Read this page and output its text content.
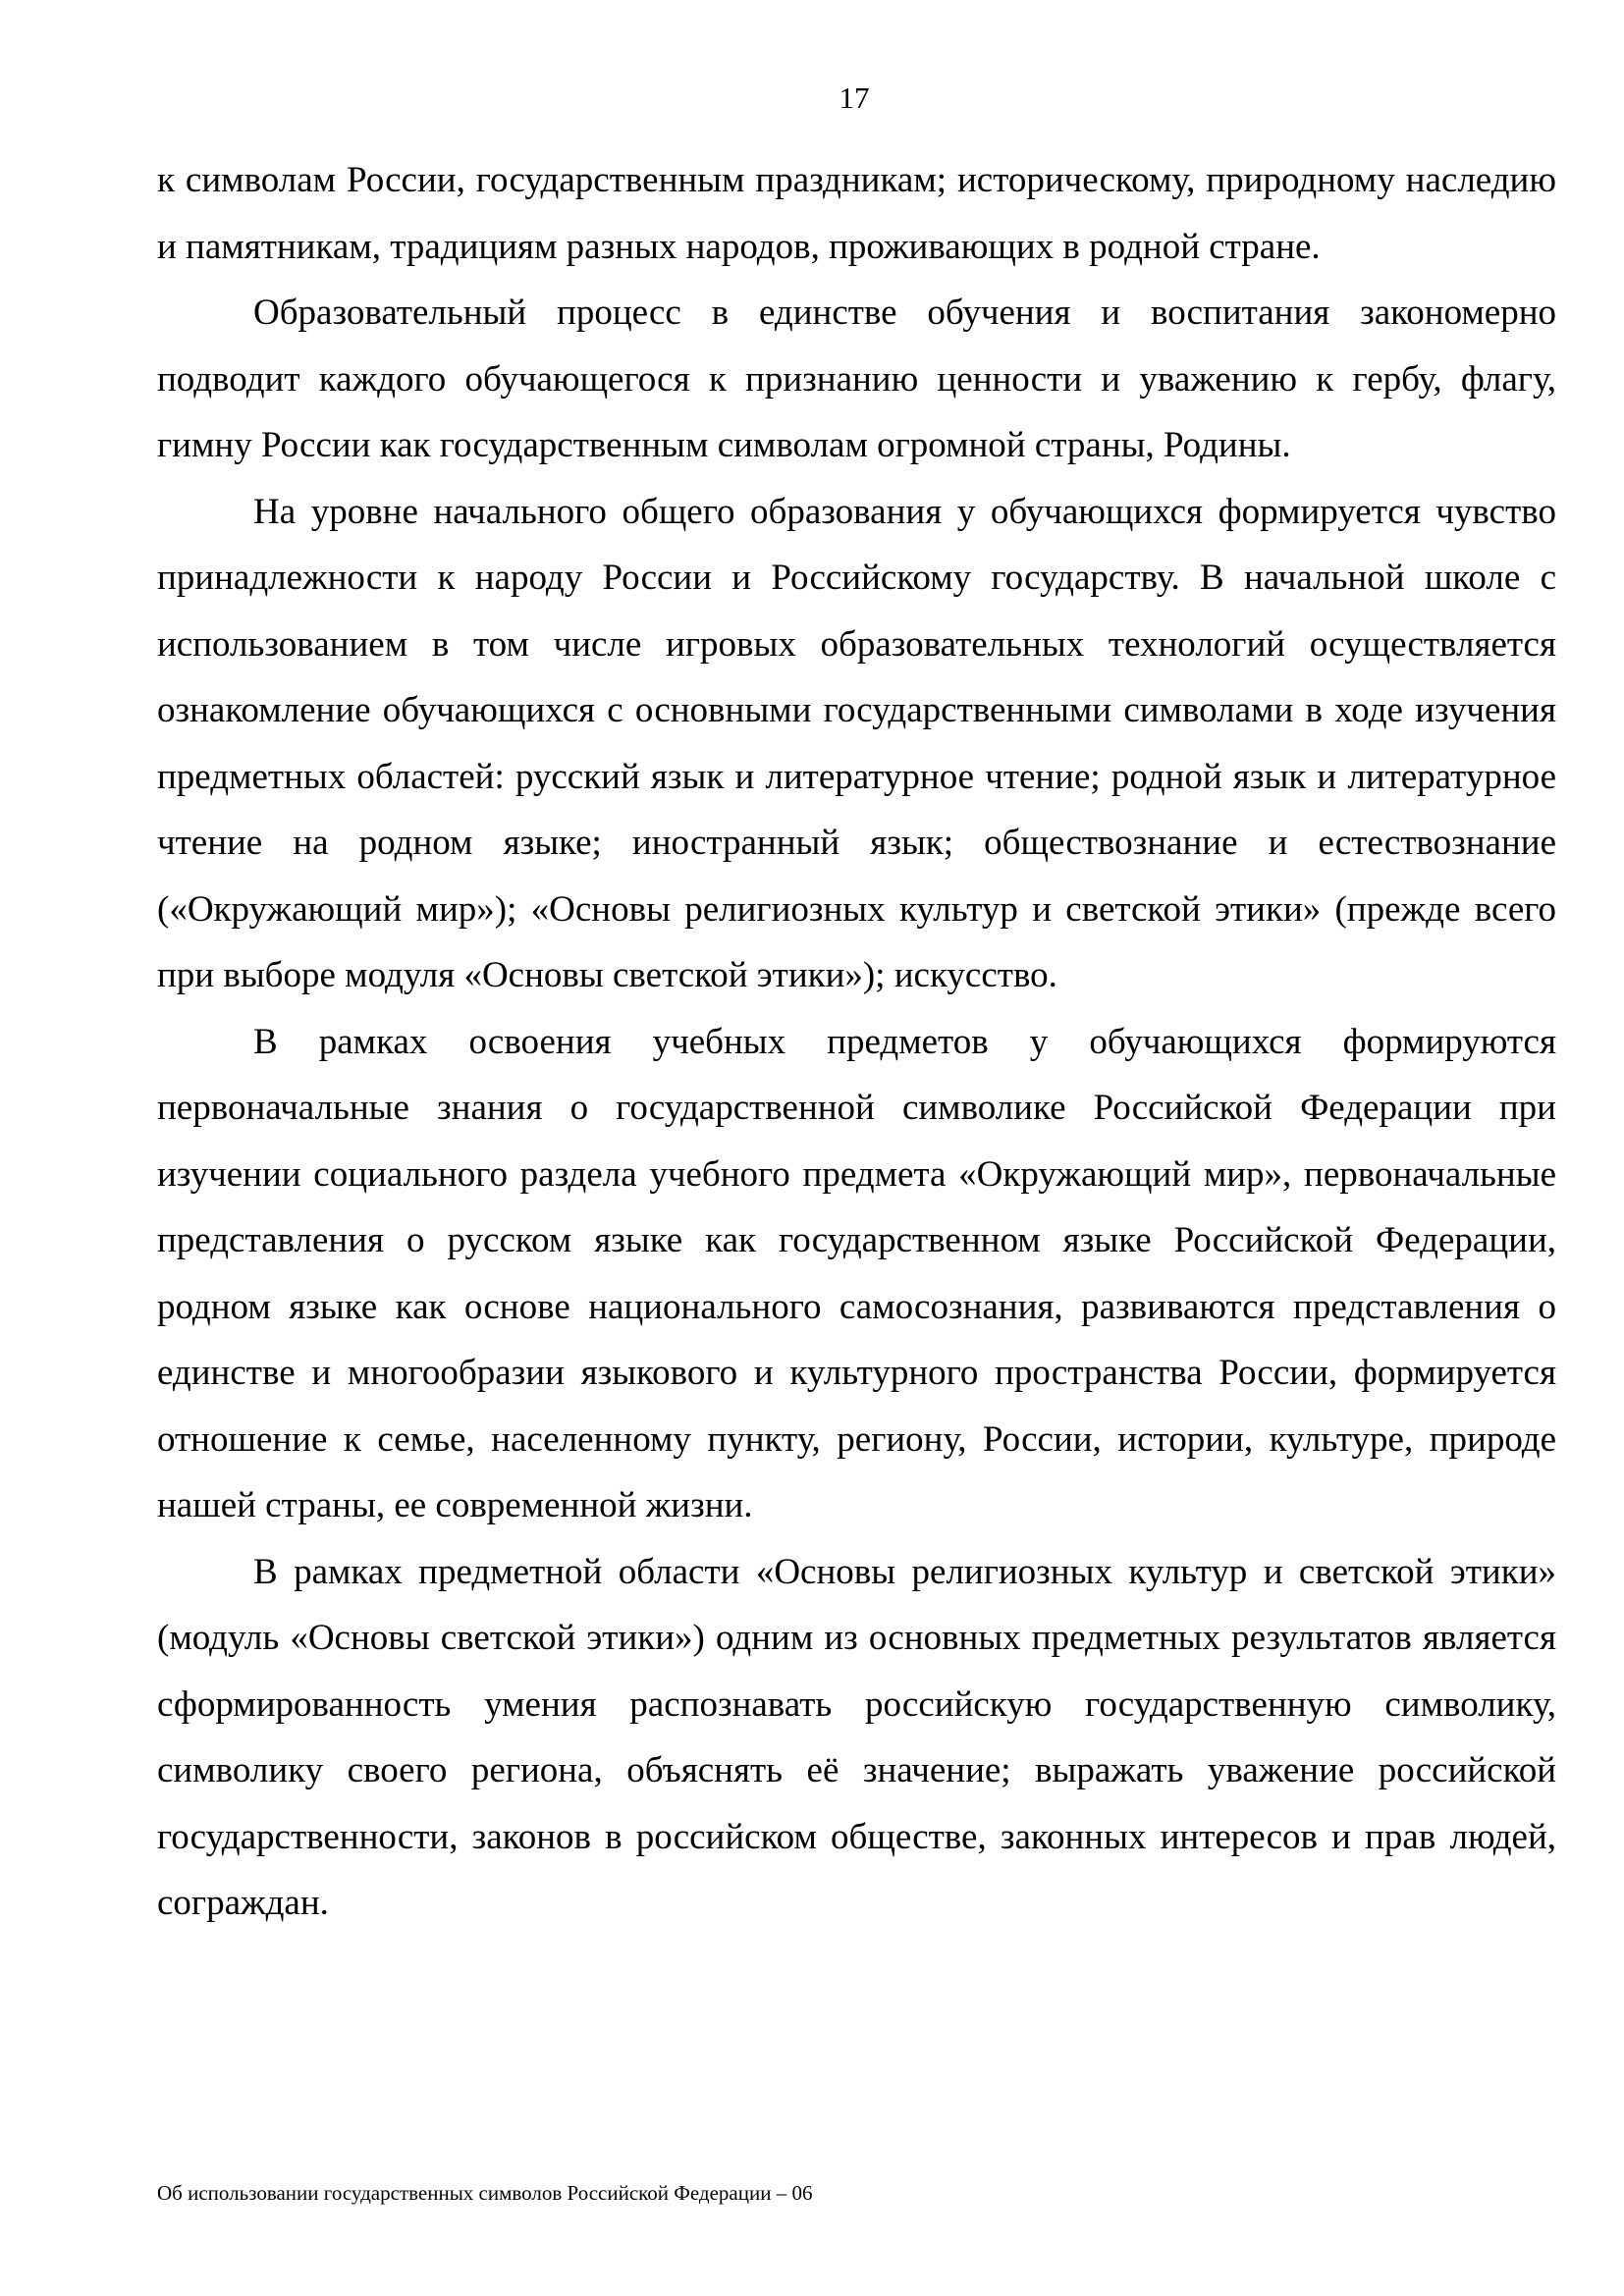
17

к символам России, государственным праздникам; историческому, природному наследию и памятникам, традициям разных народов, проживающих в родной стране.

Образовательный процесс в единстве обучения и воспитания закономерно подводит каждого обучающегося к признанию ценности и уважению к гербу, флагу, гимну России как государственным символам огромной страны, Родины.

На уровне начального общего образования у обучающихся формируется чувство принадлежности к народу России и Российскому государству. В начальной школе с использованием в том числе игровых образовательных технологий осуществляется ознакомление обучающихся с основными государственными символами в ходе изучения предметных областей: русский язык и литературное чтение; родной язык и литературное чтение на родном языке; иностранный язык; обществознание и естествознание («Окружающий мир»); «Основы религиозных культур и светской этики» (прежде всего при выборе модуля «Основы светской этики»); искусство.

В рамках освоения учебных предметов у обучающихся формируются первоначальные знания о государственной символике Российской Федерации при изучении социального раздела учебного предмета «Окружающий мир», первоначальные представления о русском языке как государственном языке Российской Федерации, родном языке как основе национального самосознания, развиваются представления о единстве и многообразии языкового и культурного пространства России, формируется отношение к семье, населенному пункту, региону, России, истории, культуре, природе нашей страны, ее современной жизни.

В рамках предметной области «Основы религиозных культур и светской этики» (модуль «Основы светской этики») одним из основных предметных результатов является сформированность умения распознавать российскую государственную символику, символику своего региона, объяснять её значение; выражать уважение российской государственности, законов в российском обществе, законных интересов и прав людей, сограждан.

Об использовании государственных символов Российской Федерации – 06
